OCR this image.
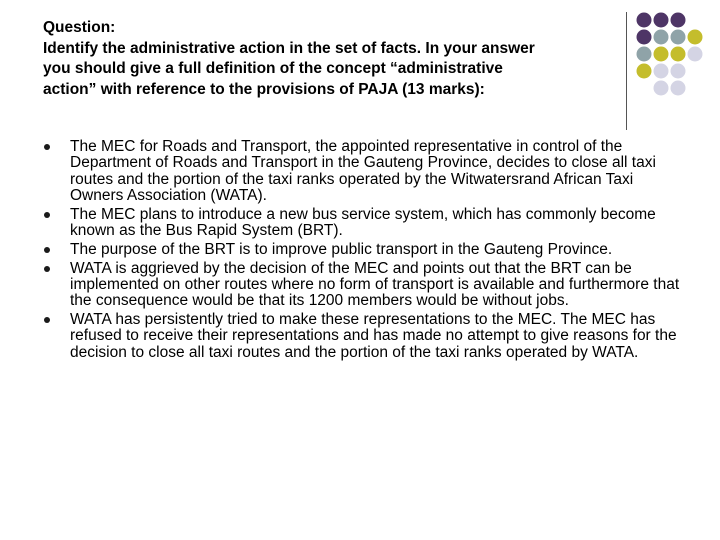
Question:
Identify the administrative action in the set of facts. In your answer
you should give a full definition of the concept “administrative
action” with reference to the provisions of PAJA (13 marks):
The MEC for Roads and Transport, the appointed representative in control of the Department of Roads and Transport in the Gauteng Province, decides to close all taxi routes and the portion of the taxi ranks operated by the Witwatersrand African Taxi Owners Association (WATA).
The MEC plans to introduce a new bus service system, which has commonly become known as the Bus Rapid System (BRT).
The purpose of the BRT is to improve public transport in the Gauteng Province.
WATA is aggrieved by the decision of the MEC and points out that the BRT can be implemented on other routes where no form of transport is available and furthermore that the consequence would be that its 1200 members would be without jobs.
WATA has persistently tried to make these representations to the MEC. The MEC has refused to receive their representations and has made no attempt to give reasons for the decision to close all taxi routes and the portion of the taxi ranks operated by WATA.
